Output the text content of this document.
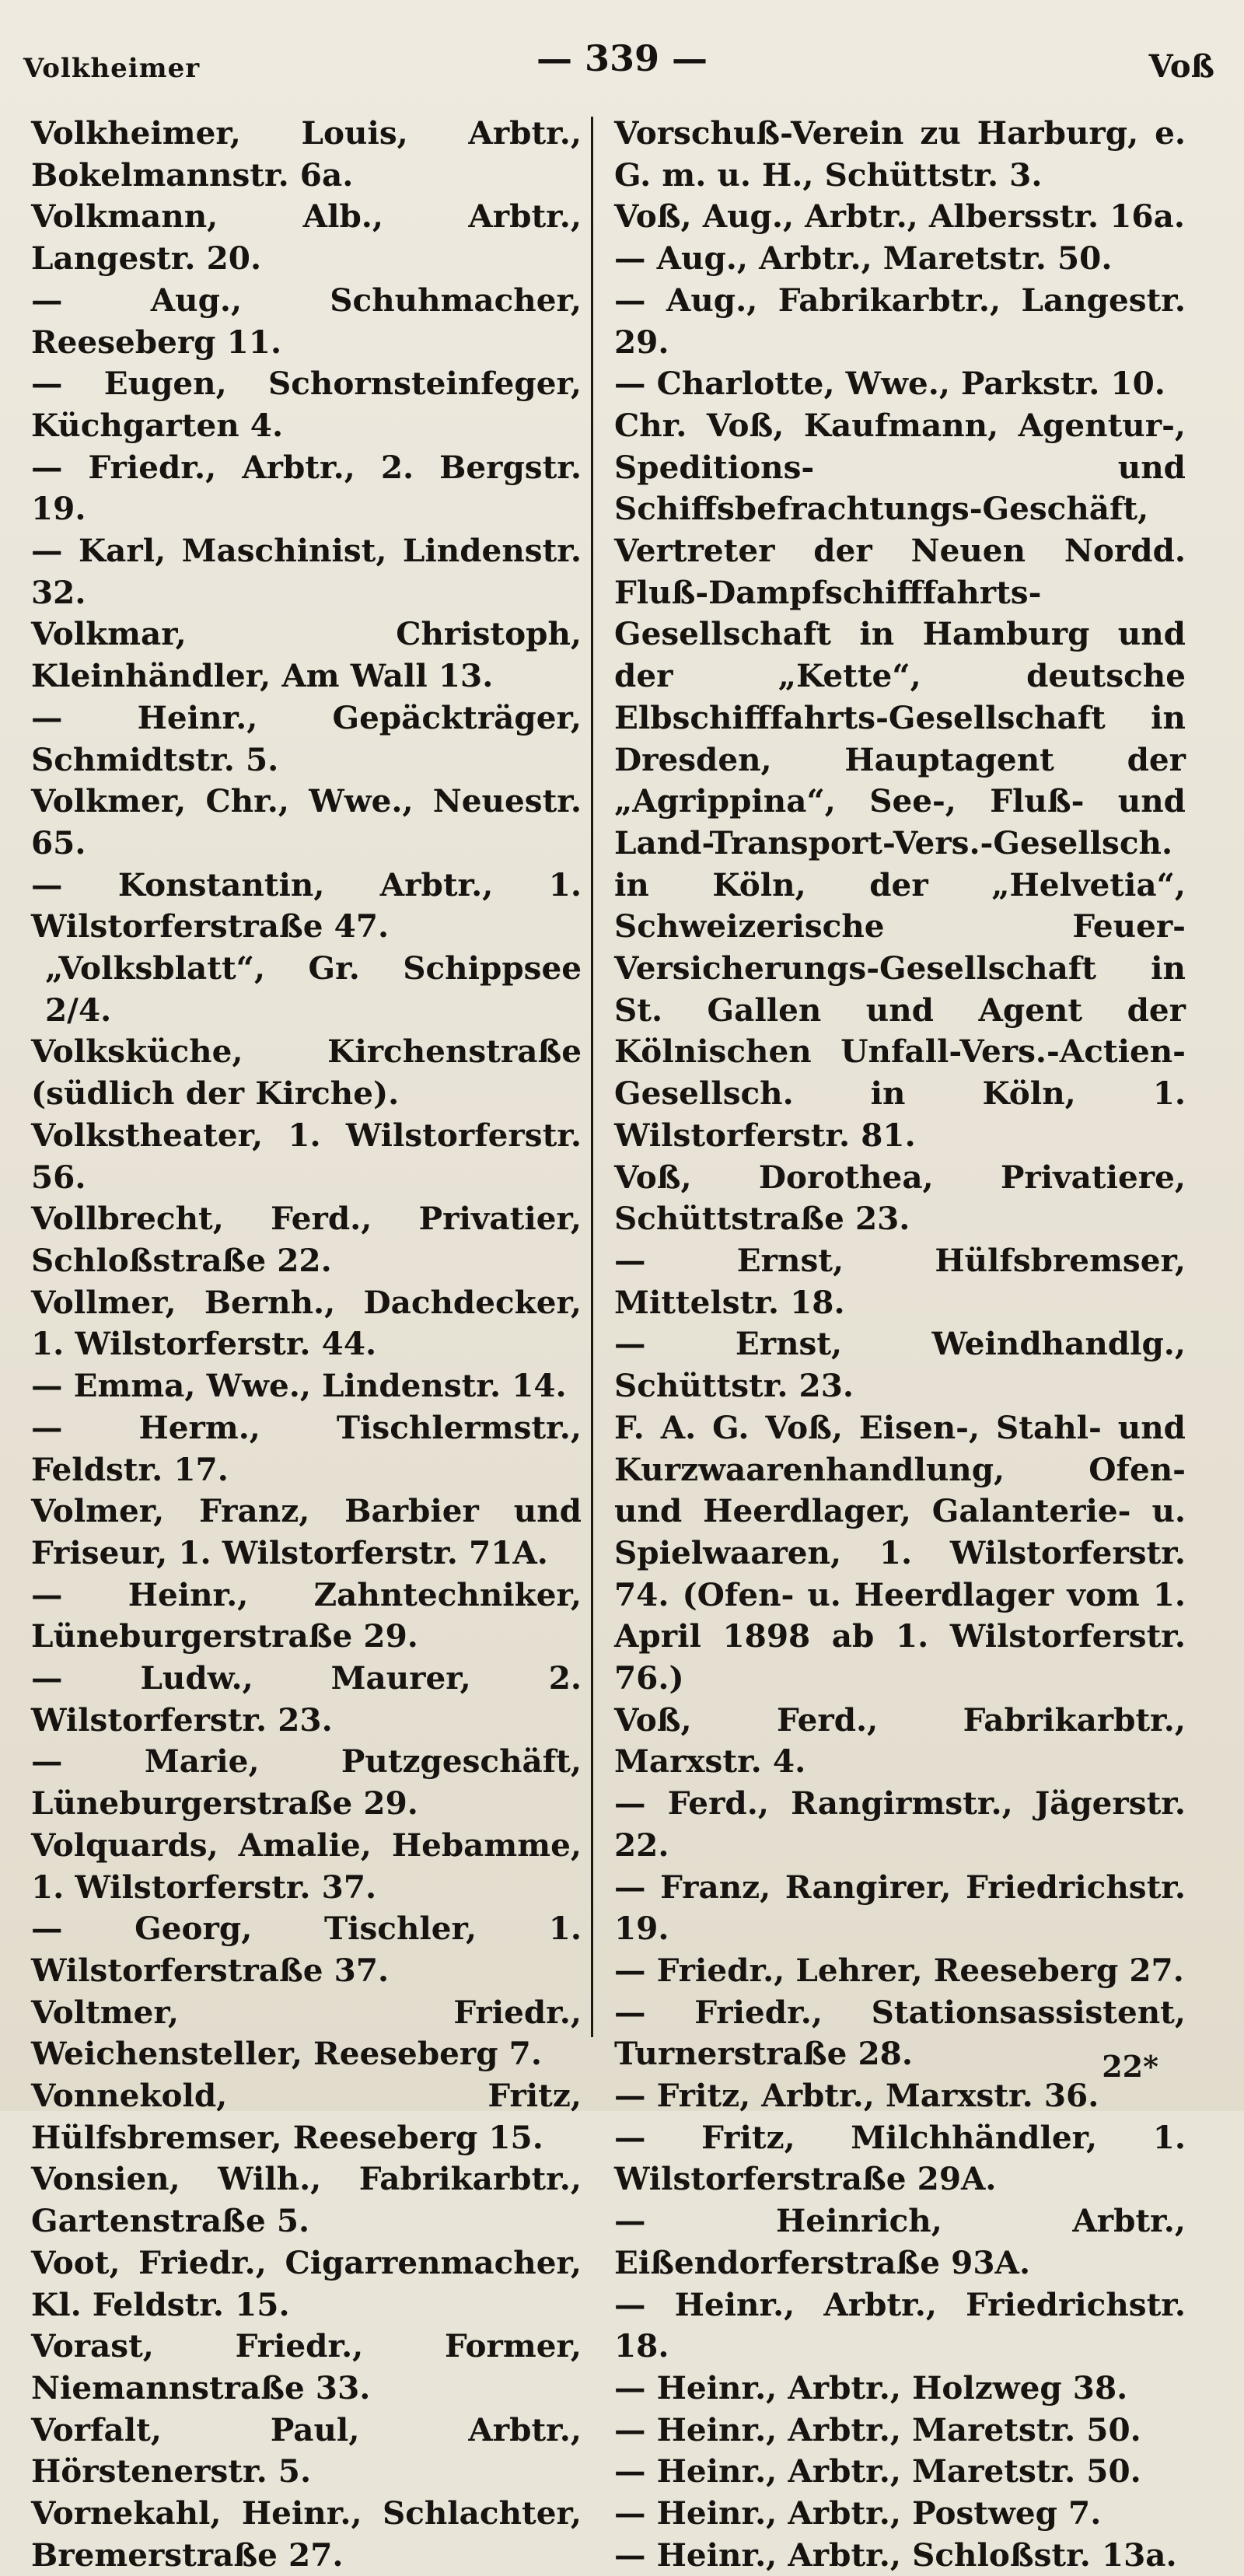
Volkheimer	— 339 —	Voß

Volkheimer, Louis, Arbtr., Bokelmannstr. 6a.

Volkmann, Alb., Arbtr., Langestr. 20.

— Aug., Schuhmacher, Reeseberg 11.

— Eugen, Schornsteinfeger, Küchgarten 4.

— Friedr., Arbtr., 2. Bergstr. 19.

— Karl, Maschinist, Lindenstr. 32.

Volkmar, Christoph, Kleinhändler, Am Wall 13.

— Heinr., Gepäckträger, Schmidtstr. 5.

Volkmer, Chr., Wwe., Neuestr. 65.

— Konstantin, Arbtr., 1. Wilstorferstraße 47.

„Volksblatt“, Gr. Schippsee 2/4.

Volksküche, Kirchenstraße (südlich der Kirche).

Volkstheater, 1. Wilstorferstr. 56.

Vollbrecht, Ferd., Privatier, Schloßstraße 22.

Vollmer, Bernh., Dachdecker, 1. Wilstorferstr. 44.

— Emma, Wwe., Lindenstr. 14.

— Herm., Tischlermstr., Feldstr. 17.

Volmer, Franz, Barbier und Friseur, 1. Wilstorferstr. 71A.

— Heinr., Zahntechniker, Lüneburgerstraße 29.

— Ludw., Maurer, 2. Wilstorferstr. 23.

— Marie, Putzgeschäft, Lüneburgerstraße 29.

Volquards, Amalie, Hebamme, 1. Wilstorferstr. 37.

— Georg, Tischler, 1. Wilstorferstraße 37.

Voltmer, Friedr., Weichensteller, Reeseberg 7.

Vonnekold, Fritz, Hülfsbremser, Reeseberg 15.

Vonsien, Wilh., Fabrikarbtr., Gartenstraße 5.

Voot, Friedr., Cigarrenmacher, Kl. Feldstr. 15.

Vorast, Friedr., Former, Niemannstraße 33.

Vorfalt, Paul, Arbtr., Hörstenerstr. 5.

Vornekahl, Heinr., Schlachter, Bremerstraße 27.

Vorschuß-Verein zu Harburg, e. G. m. u. H., Schüttstr. 3.

Voß, Aug., Arbtr., Albersstr. 16a.

— Aug., Arbtr., Maretstr. 50.

— Aug., Fabrikarbtr., Langestr. 29.

— Charlotte, Wwe., Parkstr. 10.

Chr. Voß, Kaufmann, Agentur-, Speditions- und Schiffsbefrachtungs-Geschäft, Vertreter der Neuen Nordd. Fluß-Dampfschifffahrts-Gesellschaft in Hamburg und der „Kette“, deutsche Elbschifffahrts-Gesellschaft in Dresden, Hauptagent der „Agrippina“, See-, Fluß- und Land-Transport-Vers.-Gesellsch. in Köln, der „Helvetia“, Schweizerische Feuer-Versicherungs-Gesellschaft in St. Gallen und Agent der Kölnischen Unfall-Vers.-Actien-Gesellsch. in Köln, 1. Wilstorferstr. 81.

Voß, Dorothea, Privatiere, Schüttstraße 23.

— Ernst, Hülfsbremser, Mittelstr. 18.

— Ernst, Weindhandlg., Schüttstr. 23.

F. A. G. Voß, Eisen-, Stahl- und Kurzwaarenhandlung, Ofen- und Heerdlager, Galanterie- u. Spielwaaren, 1. Wilstorferstr. 74. (Ofen- u. Heerdlager vom 1. April 1898 ab 1. Wilstorferstr. 76.)

Voß, Ferd., Fabrikarbtr., Marxstr. 4.

— Ferd., Rangirmstr., Jägerstr. 22.

— Franz, Rangirer, Friedrichstr. 19.

— Friedr., Lehrer, Reeseberg 27.

— Friedr., Stationsassistent, Turnerstraße 28.

— Fritz, Arbtr., Marxstr. 36.

— Fritz, Milchhändler, 1. Wilstorferstraße 29A.

— Heinrich, Arbtr., Eißendorferstraße 93A.

— Heinr., Arbtr., Friedrichstr. 18.

— Heinr., Arbtr., Holzweg 38.

— Heinr., Arbtr., Maretstr. 50.

— Heinr., Arbtr., Maretstr. 50.

— Heinr., Arbtr., Postweg 7.

— Heinr., Arbtr., Schloßstr. 13a.

22*
